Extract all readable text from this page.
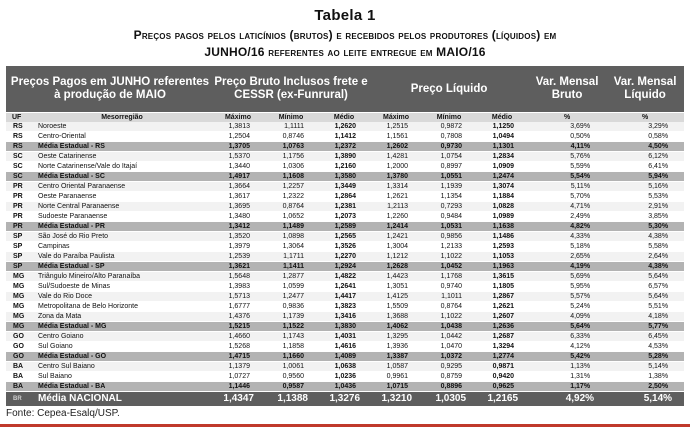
Tabela 1
Preços pagos pelos laticínios (brutos) e recebidos pelos produtores (líquidos) em
JUNHO/16 referentes ao leite entregue em MAIO/16
Preços Pagos em JUNHO referentes à produção de MAIO		Preço Bruto Inclusos frete e CESSR (ex-Funrural)			Preço Líquido			Var. Mensal Bruto	Var. Mensal Líquido
UF	Mesorregião	Máximo	Mínimo	Médio	Máximo	Mínimo	Médio	%	%
RS	Noroeste	1,3813	1,1111	1,2620	1,2515	0,9872	1,1250	3,69%	3,29%
RS	Centro-Oriental	1,2504	0,8746	1,1412	1,1561	0,7808	1,0494	0,50%	0,58%
RS	Média Estadual - RS	1,3705	1,0763	1,2372	1,2602	0,9730	1,1301	4,11%	4,50%
SC	Oeste Catarinense	1,5370	1,1756	1,3890	1,4281	1,0754	1,2834	5,76%	6,12%
SC	Norte Catarinense/Vale do Itajaí	1,3440	1,0306	1,2160	1,2000	0,8997	1,0909	5,59%	6,41%
SC	Média Estadual - SC	1,4917	1,1608	1,3580	1,3780	1,0551	1,2474	5,54%	5,94%
PR	Centro Oriental Paranaense	1,3664	1,2257	1,3449	1,3314	1,1939	1,3074	5,11%	5,16%
PR	Oeste Paranaense	1,3617	1,2322	1,2864	1,2621	1,1354	1,1884	5,70%	5,53%
PR	Norte Central Paranaense	1,3695	0,8764	1,2381	1,2113	0,7293	1,0828	4,71%	2,91%
PR	Sudoeste Paranaense	1,3480	1,0652	1,2073	1,2260	0,9484	1,0989	2,49%	3,85%
PR	Média Estadual - PR	1,3412	1,1489	1,2589	1,2414	1,0531	1,1638	4,82%	5,30%
SP	São José do Rio Preto	1,3520	1,0898	1,2565	1,2421	0,9856	1,1486	4,33%	4,38%
SP	Campinas	1,3979	1,3064	1,3526	1,3004	1,2133	1,2593	5,18%	5,58%
SP	Vale do Paraíba Paulista	1,2539	1,1711	1,2270	1,1212	1,1022	1,1053	2,65%	2,64%
SP	Média Estadual - SP	1,3621	1,1411	1,2924	1,2628	1,0452	1,1963	4,19%	4,38%
MG	Triângulo Mineiro/Alto Paranaíba	1,5648	1,2877	1,4822	1,4423	1,1768	1,3615	5,69%	5,64%
MG	Sul/Sudoeste de Minas	1,3983	1,0599	1,2641	1,3051	0,9740	1,1805	5,95%	6,57%
MG	Vale do Rio Doce	1,5713	1,2477	1,4417	1,4125	1,1011	1,2867	5,57%	5,64%
MG	Metropolitana de Belo Horizonte	1,6777	0,9836	1,3823	1,5509	0,8764	1,2621	5,24%	5,51%
MG	Zona da Mata	1,4376	1,1739	1,3416	1,3688	1,1022	1,2607	4,09%	4,18%
MG	Média Estadual - MG	1,5215	1,1522	1,3830	1,4062	1,0438	1,2636	5,64%	5,77%
GO	Centro Goiano	1,4660	1,1743	1,4031	1,3295	1,0442	1,2687	6,33%	6,45%
GO	Sul Goiano	1,5268	1,1858	1,4616	1,3936	1,0470	1,3294	4,12%	4,53%
GO	Média Estadual - GO	1,4715	1,1660	1,4089	1,3387	1,0372	1,2774	5,42%	5,28%
BA	Centro Sul Baiano	1,1379	1,0061	1,0638	1,0587	0,9295	0,9871	1,13%	5,14%
BA	Sul Baiano	1,0727	0,9560	1,0236	0,9961	0,8759	0,9420	1,31%	1,38%
BA	Média Estadual - BA	1,1446	0,9587	1,0436	1,0715	0,8896	0,9625	1,17%	2,50%
BR	Média NACIONAL	1,4347	1,1388	1,3276	1,3210	1,0305	1,2165	4,92%	5,14%
Fonte: Cepea-Esalq/USP.
